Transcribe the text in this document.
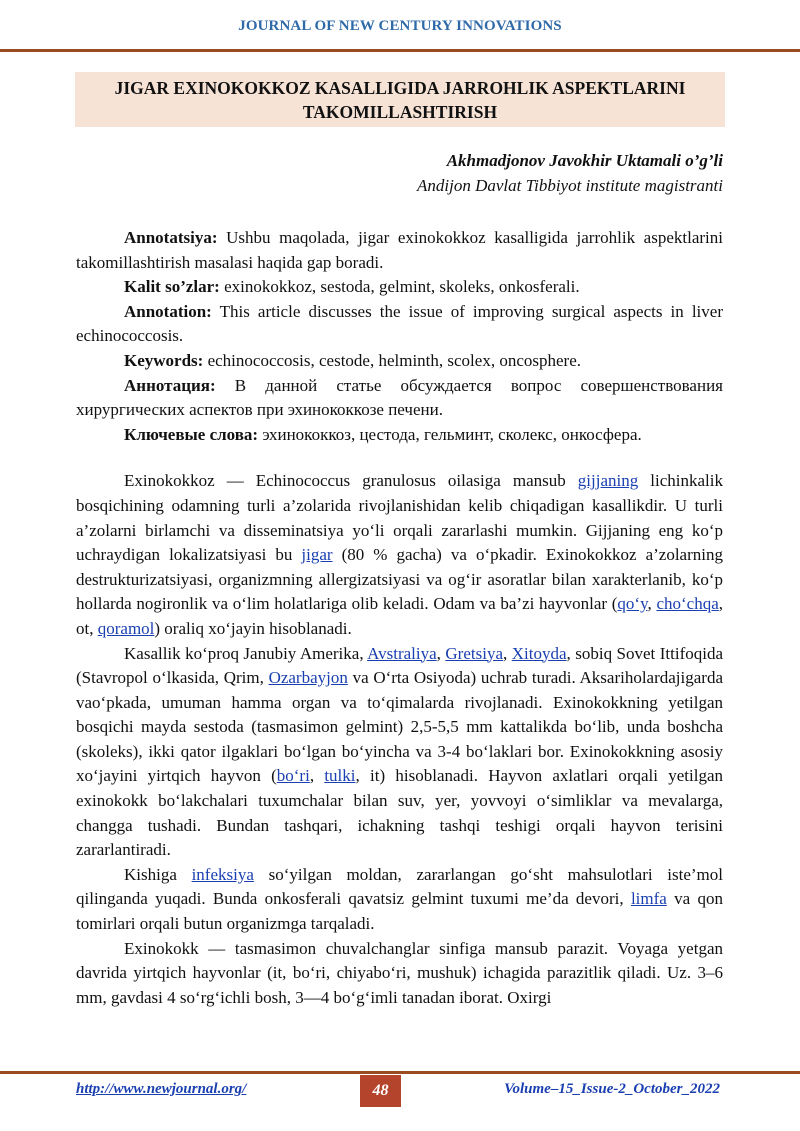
JOURNAL OF NEW CENTURY INNOVATIONS
JIGAR EXINOKOKKOZ KASALLIGIDA JARROHLIK ASPEKTLARINI
TAKOMILLASHTIRISH
Akhmadjonov Javokhir Uktamali o’g’li
Andijon Davlat Tibbiyot institute magistranti

Annotatsiya: Ushbu maqolada, jigar exinokokkoz kasalligida jarrohlik aspektlarini takomillashtirish masalasi haqida gap boradi.

Kalit so’zlar: exinokokkoz, sestoda, gelmint, skoleks, onkosferali.

Annotation: This article discusses the issue of improving surgical aspects in liver echinococcosis.

Keywords: echinococcosis, cestode, helminth, scolex, oncosphere.

Аннотация: В данной статье обсуждается вопрос совершенствования хирургических аспектов при эхинококкозе печени.

Ключевые слова: эхинококкоз, цестода, гельминт, сколекс, онкосфера.

Exinokokkoz — Echinococcus granulosus oilasiga mansub gijjaning lichinkalik bosqichining odamning turli a’zolarida rivojlanishidan kelib chiqadigan kasallikdir. U turli a’zolarni birlamchi va disseminatsiya yo‘li orqali zararlashi mumkin. Gijjaning eng ko‘p uchraydigan lokalizatsiyasi bu jigar (80 % gacha) va o‘pkadir. Exinokokkoz a’zolarning destrukturizatsiyasi, organizmning allergizatsiyasi va og‘ir asoratlar bilan xarakterlanib, ko‘p hollarda nogironlik va o‘lim holatlariga olib keladi. Odam va ba’zi hayvonlar (qo‘y, cho‘chqa, ot, qoramol) oraliq xo‘jayin hisoblanadi.

Kasallik ko‘proq Janubiy Amerika, Avstraliya, Gretsiya, Xitoyda, sobiq Sovet Ittifoqida (Stavropol o‘lkasida, Qrim, Ozarbayjon va O‘rta Osiyoda) uchrab turadi. Aksariholardajigarda vao‘pkada, umuman hamma organ va to‘qimalarda rivojlanadi. Exinokokkning yetilgan bosqichi mayda sestoda (tasmasimon gelmint) 2,5-5,5 mm kattalikda bo‘lib, unda boshcha (skoleks), ikki qator ilgaklari bo‘lgan bo‘yincha va 3-4 bo‘laklari bor. Exinokokkning asosiy xo‘jayini yirtqich hayvon (bo‘ri, tulki, it) hisoblanadi. Hayvon axlatlari orqali yetilgan exinokokk bo‘lakchalari tuxumchalar bilan suv, yer, yovvoyi o‘simliklar va mevalarga, changga tushadi. Bundan tashqari, ichakning tashqi teshigi orqali hayvon terisini zararlantiradi.

Kishiga infeksiya so‘yilgan moldan, zararlangan go‘sht mahsulotlari iste’mol qilinganda yuqadi. Bunda onkosferali qavatsiz gelmint tuxumi me’da devori, limfa va qon tomirlari orqali butun organizmga tarqaladi.

Exinokokk — tasmasimon chuvalchanglar sinfiga mansub parazit. Voyaga yetgan davrida yirtqich hayvonlar (it, bo‘ri, chiyabo‘ri, mushuk) ichagida parazitlik qiladi. Uz. 3–6 mm, gavdasi 4 so‘rg‘ichli bosh, 3—4 bo‘g‘imli tanadan iborat. Oxirgi

http://www.newjournal.org/	48	Volume–15_Issue-2_October_2022
